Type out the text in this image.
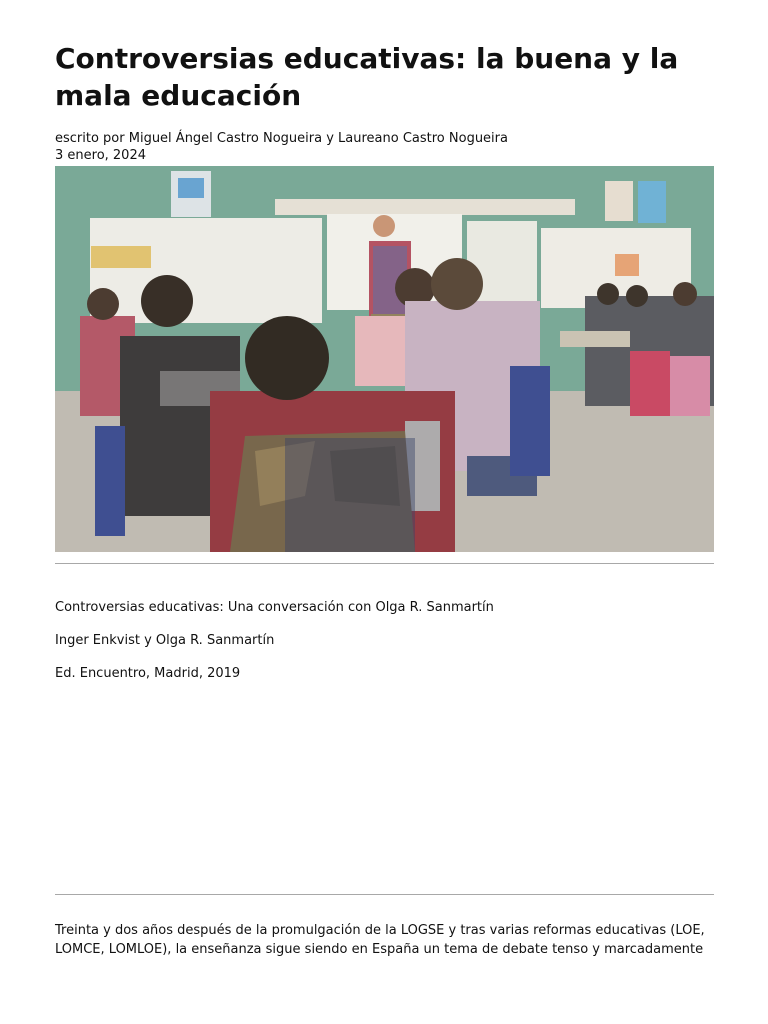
Controversias educativas: la buena y la mala educación
escrito por Miguel Ángel Castro Nogueira y Laureano Castro Nogueira
3 enero, 2024
Controversias educativas: Una conversación con Olga R. Sanmartín
Inger Enkvist y Olga R. Sanmartín
Ed. Encuentro, Madrid, 2019

Treinta y dos años después de la promulgación de la LOGSE y tras varias reformas educativas (LOE, LOMCE, LOMLOE), la enseñanza sigue siendo en España un tema de debate tenso y marcadamente
